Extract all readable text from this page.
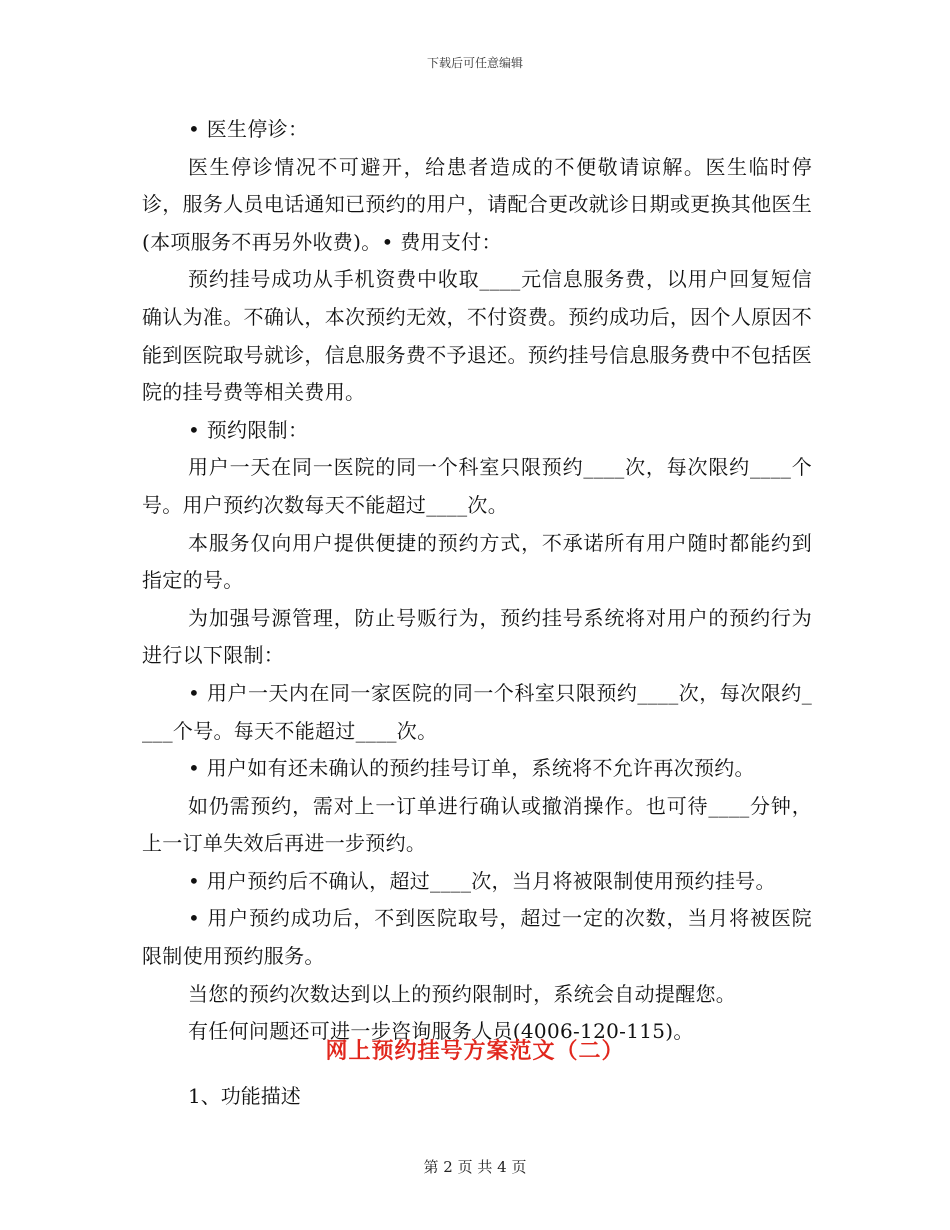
下载后可任意编辑

• 医生停诊：

医生停诊情况不可避开，给患者造成的不便敬请谅解。医生临时停诊，服务人员电话通知已预约的用户，请配合更改就诊日期或更换其他医生(本项服务不再另外收费)。• 费用支付：

预约挂号成功从手机资费中收取____元信息服务费，以用户回复短信确认为准。不确认，本次预约无效，不付资费。预约成功后，因个人原因不能到医院取号就诊，信息服务费不予退还。预约挂号信息服务费中不包括医院的挂号费等相关费用。

• 预约限制：

用户一天在同一医院的同一个科室只限预约____次，每次限约____个号。用户预约次数每天不能超过____次。

本服务仅向用户提供便捷的预约方式，不承诺所有用户随时都能约到指定的号。

为加强号源管理，防止号贩行为，预约挂号系统将对用户的预约行为进行以下限制：

• 用户一天内在同一家医院的同一个科室只限预约____次，每次限约____个号。每天不能超过____次。

• 用户如有还未确认的预约挂号订单，系统将不允许再次预约。

如仍需预约，需对上一订单进行确认或撤消操作。也可待____分钟，上一订单失效后再进一步预约。

• 用户预约后不确认，超过____次，当月将被限制使用预约挂号。

• 用户预约成功后，不到医院取号，超过一定的次数，当月将被医院限制使用预约服务。

当您的预约次数达到以上的预约限制时，系统会自动提醒您。

有任何问题还可进一步咨询服务人员(4006-120-115)。

网上预约挂号方案范文（二）
1、功能描述
第 2 页 共 4 页
